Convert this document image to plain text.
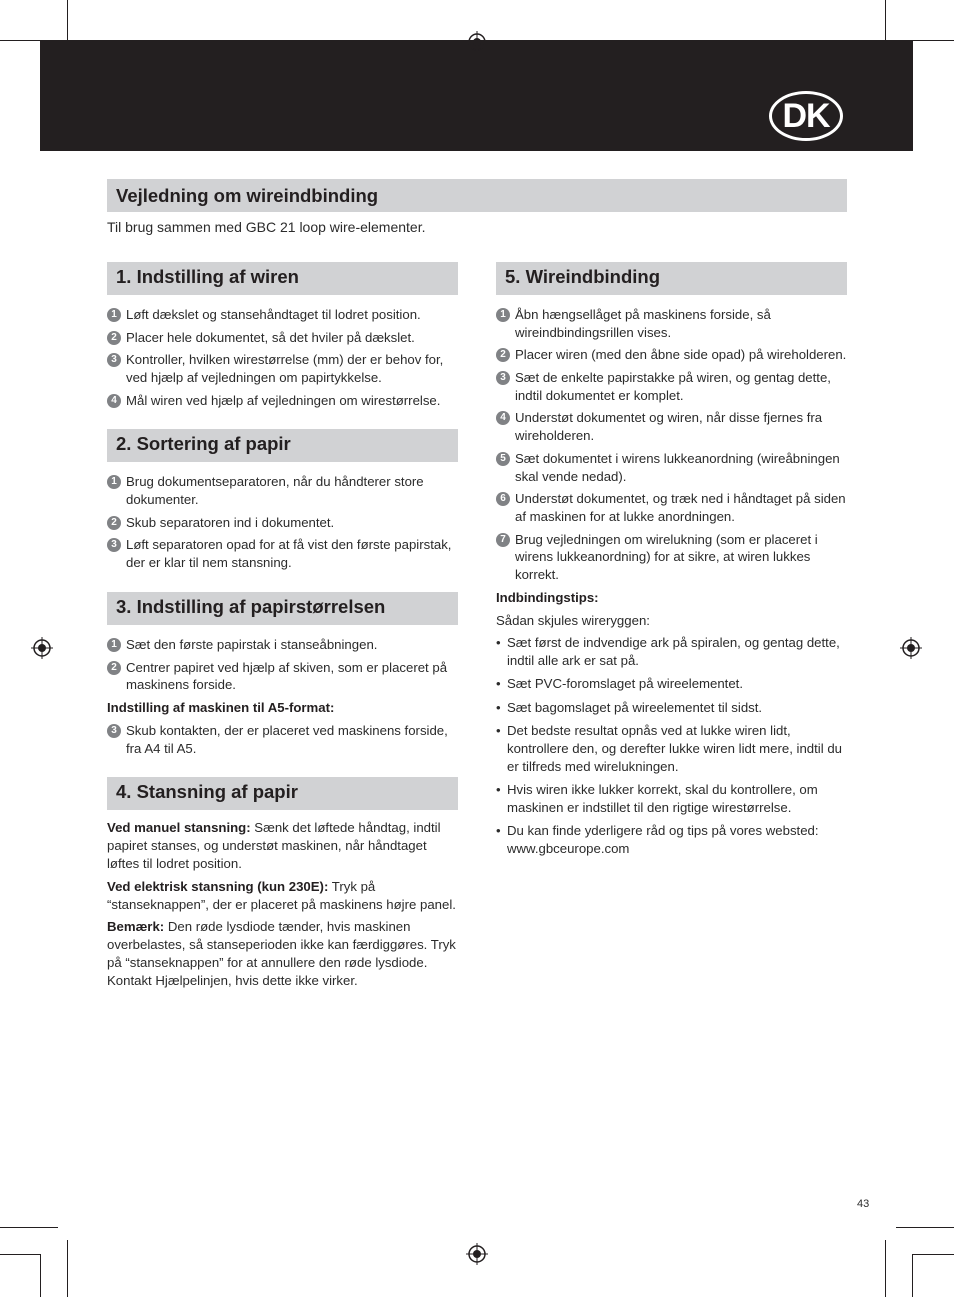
DK
Vejledning om wireindbinding
Til brug sammen med GBC 21 loop wire-elementer.
1. Indstilling af wiren
1 Løft dækslet og stansehåndtaget til lodret position.
2 Placer hele dokumentet, så det hviler på dækslet.
3 Kontroller, hvilken wirestørrelse (mm) der er behov for, ved hjælp af vejledningen om papirtykkelse.
4 Mål wiren ved hjælp af vejledningen om wirestørrelse.
2. Sortering af papir
1 Brug dokumentseparatoren, når du håndterer store dokumenter.
2 Skub separatoren ind i dokumentet.
3 Løft separatoren opad for at få vist den første papirstak, der er klar til nem stansning.
3. Indstilling af papirstørrelsen
1 Sæt den første papirstak i stanseåbningen.
2 Centrer papiret ved hjælp af skiven, som er placeret på maskinens forside.
Indstilling af maskinen til A5-format:
3 Skub kontakten, der er placeret ved maskinens forside, fra A4 til A5.
4. Stansning af papir

Ved manuel stansning: Sænk det løftede håndtag, indtil papiret stanses, og understøt maskinen, når håndtaget løftes til lodret position.

Ved elektrisk stansning (kun 230E): Tryk på “stanseknappen”, der er placeret på maskinens højre panel.

Bemærk: Den røde lysdiode tænder, hvis maskinen overbelastes, så stanseperioden ikke kan færdiggøres. Tryk på “stanseknappen” for at annullere den røde lysdiode. Kontakt Hjælpelinjen, hvis dette ikke virker.

5. Wireindbinding
1 Åbn hængsellåget på maskinens forside, så wireindbindingsrillen vises.
2 Placer wiren (med den åbne side opad) på wireholderen.
3 Sæt de enkelte papirstakke på wiren, og gentag dette, indtil dokumentet er komplet.
4 Understøt dokumentet og wiren, når disse fjernes fra wireholderen.
5 Sæt dokumentet i wirens lukkeanordning (wireåbningen skal vende nedad).
6 Understøt dokumentet, og træk ned i håndtaget på siden af maskinen for at lukke anordningen.
7 Brug vejledningen om wirelukning (som er placeret i wirens lukkeanordning) for at sikre, at wiren lukkes korrekt.
Indbindingstips:
Sådan skjules wireryggen:
• Sæt først de indvendige ark på spiralen, og gentag dette, indtil alle ark er sat på.
• Sæt PVC-foromslaget på wireelementet.
• Sæt bagomslaget på wireelementet til sidst.
• Det bedste resultat opnås ved at lukke wiren lidt, kontrollere den, og derefter lukke wiren lidt mere, indtil du er tilfreds med wirelukningen.
• Hvis wiren ikke lukker korrekt, skal du kontrollere, om maskinen er indstillet til den rigtige wirestørrelse.
• Du kan finde yderligere råd og tips på vores websted: www.gbceurope.com
43
